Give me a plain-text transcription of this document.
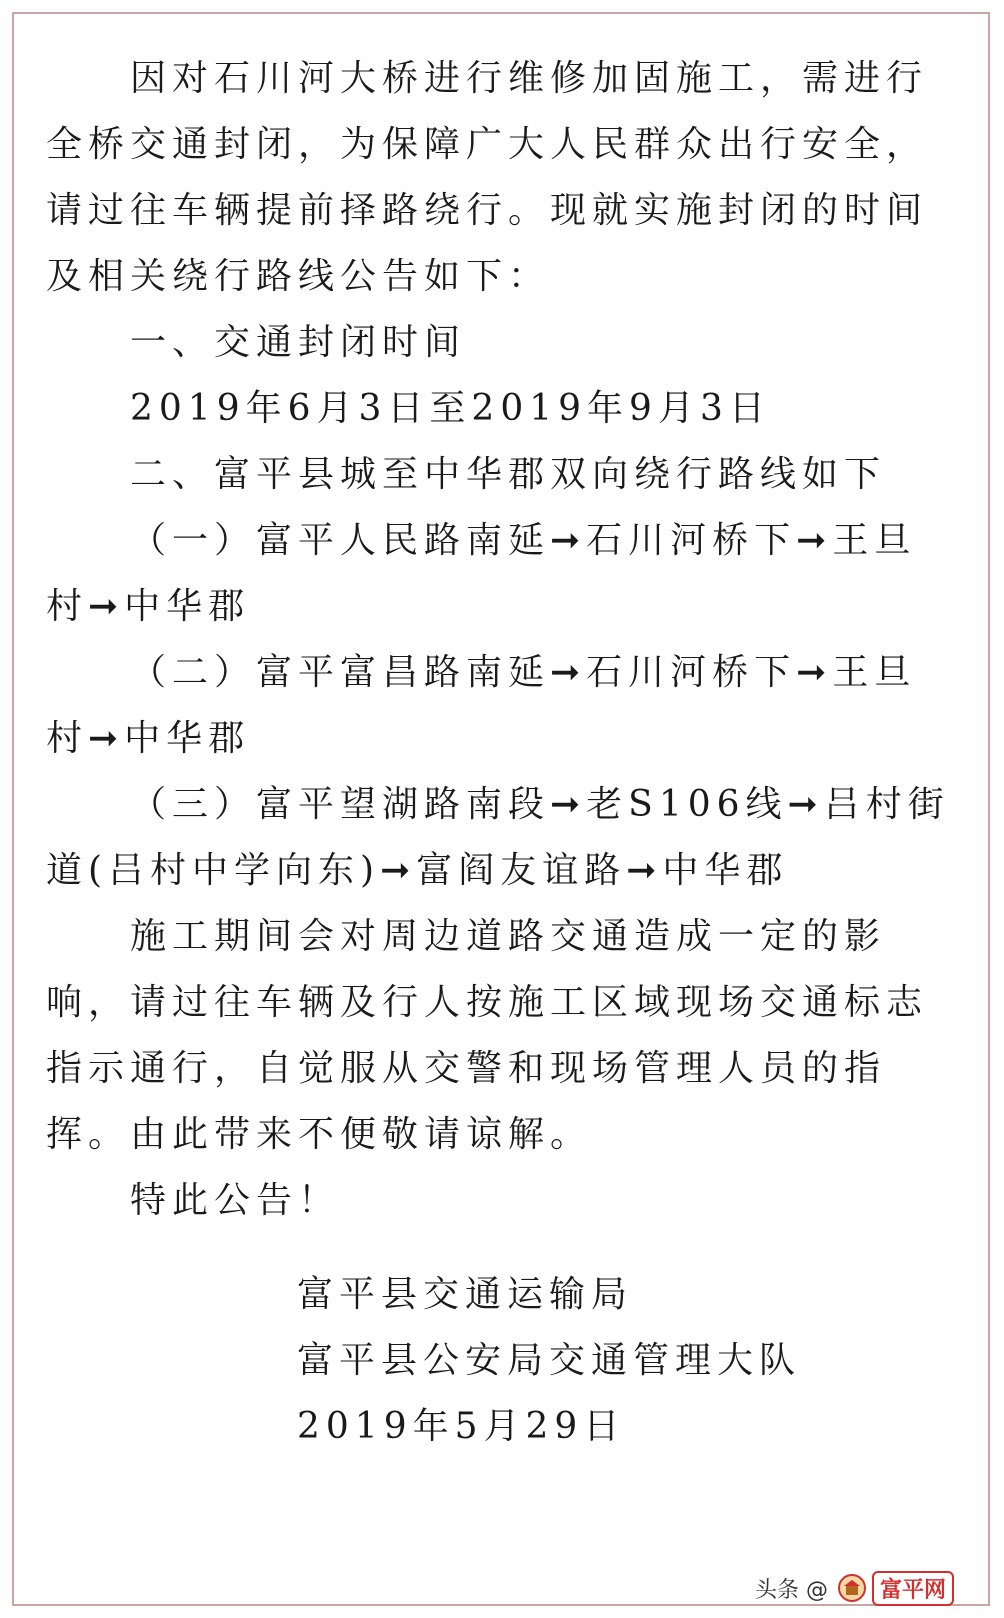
因对石川河大桥进行维修加固施工，需进行
全桥交通封闭，为保障广大人民群众出行安全，
请过往车辆提前择路绕行。现就实施封闭的时间
及相关绕行路线公告如下：

一、交通封闭时间

2019年6月3日至2019年9月3日

二、富平县城至中华郡双向绕行路线如下

（一）富平人民路南延➞石川河桥下➞王旦
村➞中华郡

（二）富平富昌路南延➞石川河桥下➞王旦
村➞中华郡

（三）富平望湖路南段➞老S106线➞吕村街
道(吕村中学向东)➞富阎友谊路➞中华郡

施工期间会对周边道路交通造成一定的影
响，请过往车辆及行人按施工区域现场交通标志
指示通行，自觉服从交警和现场管理人员的指
挥。由此带来不便敬请谅解。

特此公告！

富平县交通运输局
富平县公安局交通管理大队
2019年5月29日
头条 @	富平网
